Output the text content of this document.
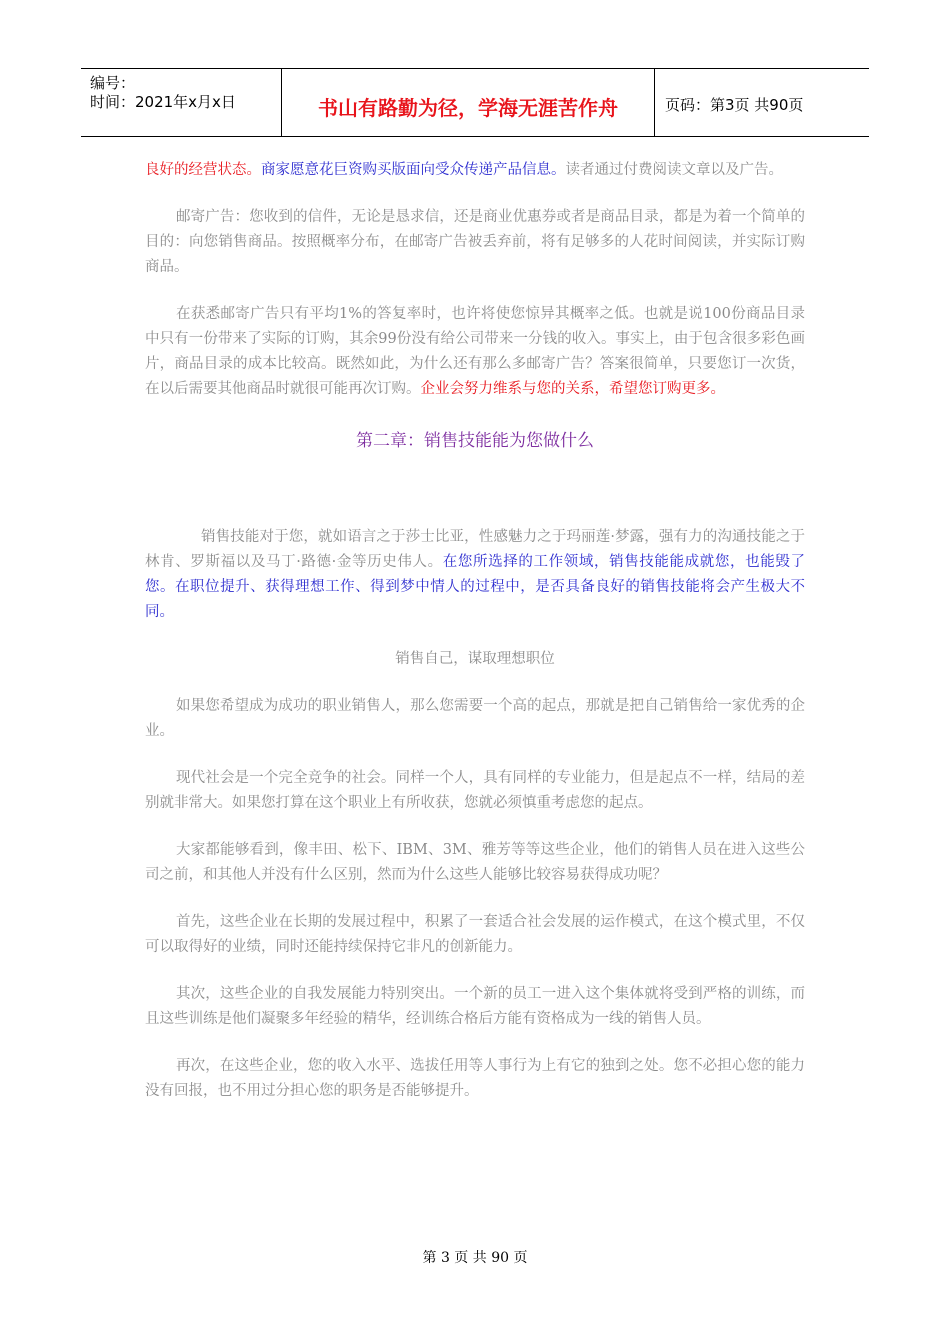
编号：
时间：2021年x月x日	书山有路勤为径，学海无涯苦作舟	页码：第3页 共90页

良好的经营状态。商家愿意花巨资购买版面向受众传递产品信息。读者通过付费阅读文章以及广告。

邮寄广告：您收到的信件，无论是恳求信，还是商业优惠券或者是商品目录，都是为着一个简单的目的：向您销售商品。按照概率分布，在邮寄广告被丢弃前，将有足够多的人花时间阅读，并实际订购商品。

在获悉邮寄广告只有平均1%的答复率时，也许将使您惊异其概率之低。也就是说100份商品目录中只有一份带来了实际的订购，其余99份没有给公司带来一分钱的收入。事实上，由于包含很多彩色画片，商品目录的成本比较高。既然如此，为什么还有那么多邮寄广告？答案很简单，只要您订一次货，在以后需要其他商品时就很可能再次订购。企业会努力维系与您的关系，希望您订购更多。

第二章：销售技能能为您做什么

销售技能对于您，就如语言之于莎士比亚，性感魅力之于玛丽莲·梦露，强有力的沟通技能之于林肯、罗斯福以及马丁·路德·金等历史伟人。在您所选择的工作领域，销售技能能成就您，也能毁了您。在职位提升、获得理想工作、得到梦中情人的过程中，是否具备良好的销售技能将会产生极大不同。

销售自己，谋取理想职位

如果您希望成为成功的职业销售人，那么您需要一个高的起点，那就是把自己销售给一家优秀的企业。

现代社会是一个完全竞争的社会。同样一个人，具有同样的专业能力，但是起点不一样，结局的差别就非常大。如果您打算在这个职业上有所收获，您就必须慎重考虑您的起点。

大家都能够看到，像丰田、松下、IBM、3M、雅芳等等这些企业，他们的销售人员在进入这些公司之前，和其他人并没有什么区别，然而为什么这些人能够比较容易获得成功呢？

首先，这些企业在长期的发展过程中，积累了一套适合社会发展的运作模式，在这个模式里，不仅可以取得好的业绩，同时还能持续保持它非凡的创新能力。

其次，这些企业的自我发展能力特别突出。一个新的员工一进入这个集体就将受到严格的训练，而且这些训练是他们凝聚多年经验的精华，经训练合格后方能有资格成为一线的销售人员。

再次，在这些企业，您的收入水平、选拔任用等人事行为上有它的独到之处。您不必担心您的能力没有回报，也不用过分担心您的职务是否能够提升。

第 3 页 共 90 页
